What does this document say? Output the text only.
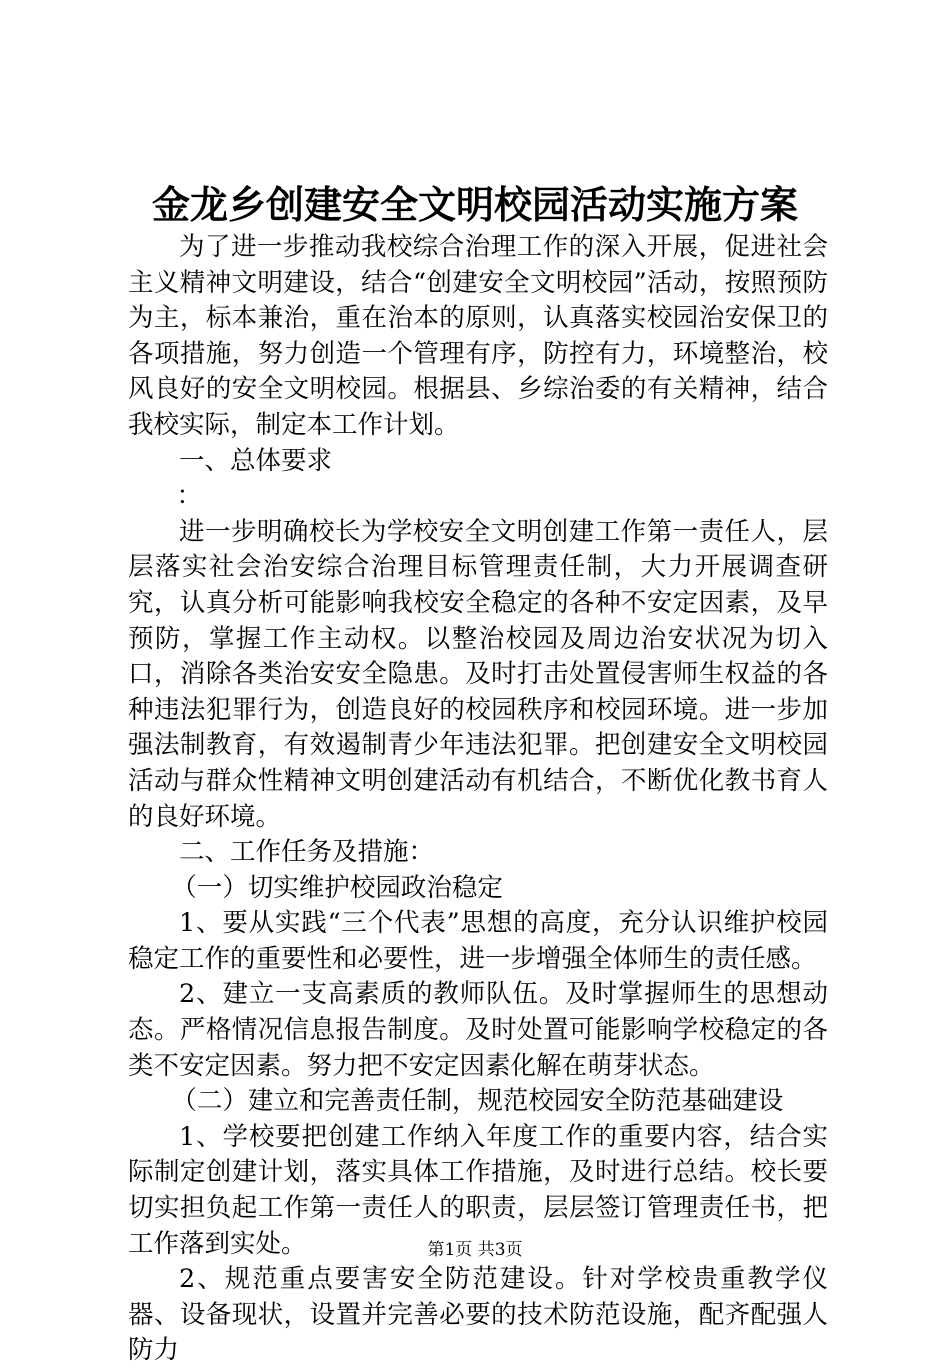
金龙乡创建安全文明校园活动实施方案

为了进一步推动我校综合治理工作的深入开展，促进社会主义精神文明建设，结合“创建安全文明校园”活动，按照预防为主，标本兼治，重在治本的原则，认真落实校园治安保卫的各项措施，努力创造一个管理有序，防控有力，环境整治，校风良好的安全文明校园。根据县、乡综治委的有关精神，结合我校实际，制定本工作计划。

一、总体要求

：

进一步明确校长为学校安全文明创建工作第一责任人，层层落实社会治安综合治理目标管理责任制，大力开展调查研究，认真分析可能影响我校安全稳定的各种不安定因素，及早预防，掌握工作主动权。以整治校园及周边治安状况为切入口，消除各类治安安全隐患。及时打击处置侵害师生权益的各种违法犯罪行为，创造良好的校园秩序和校园环境。进一步加强法制教育，有效遏制青少年违法犯罪。把创建安全文明校园活动与群众性精神文明创建活动有机结合，不断优化教书育人的良好环境。

二、工作任务及措施：

（一）切实维护校园政治稳定

1、要从实践“三个代表”思想的高度，充分认识维护校园稳定工作的重要性和必要性，进一步增强全体师生的责任感。

2、建立一支高素质的教师队伍。及时掌握师生的思想动态。严格情况信息报告制度。及时处置可能影响学校稳定的各类不安定因素。努力把不安定因素化解在萌芽状态。

（二）建立和完善责任制，规范校园安全防范基础建设

1、学校要把创建工作纳入年度工作的重要内容，结合实际制定创建计划，落实具体工作措施，及时进行总结。校长要切实担负起工作第一责任人的职责，层层签订管理责任书，把工作落到实处。

2、规范重点要害安全防范建设。针对学校贵重教学仪器、设备现状，设置并完善必要的技术防范设施，配齐配强人防力

第1页 共3页
